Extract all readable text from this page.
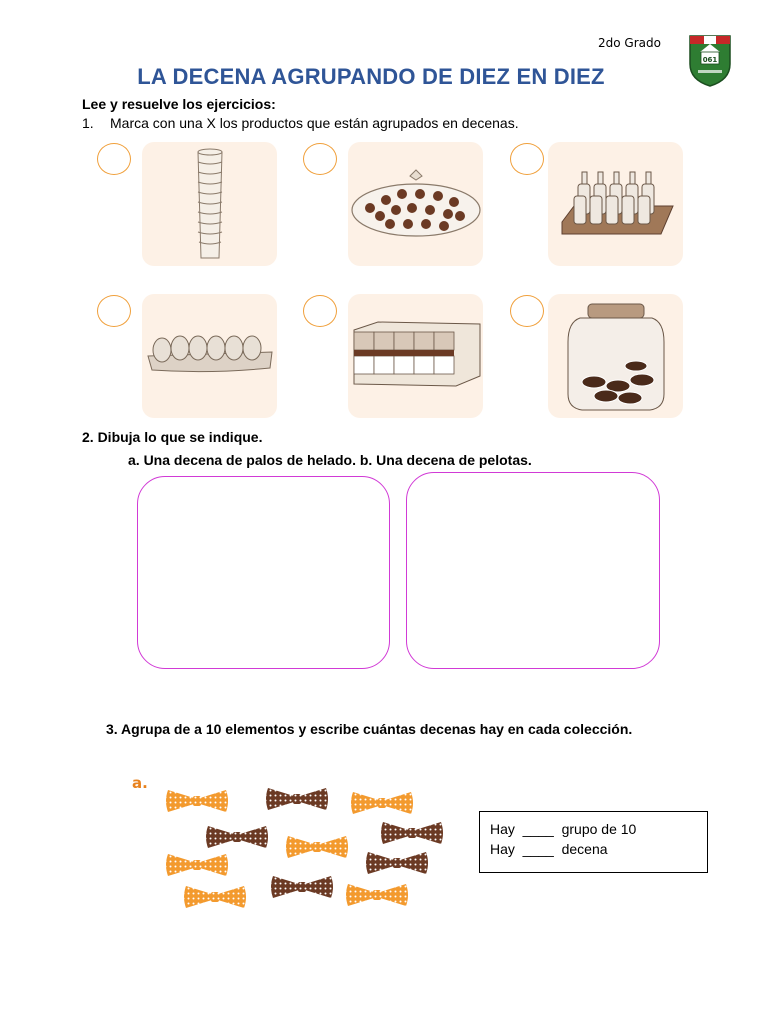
2do Grado
061
LA DECENA AGRUPANDO DE DIEZ EN DIEZ
Lee y resuelve los ejercicios:
1. Marca con una X los productos que están agrupados en decenas.
2. Dibuja lo que se indique.
a. Una decena de palos de helado. b. Una decena de pelotas.
3. Agrupa de a 10 elementos y escribe cuántas decenas hay en cada colección.
a.
Hay  ____  grupo de 10
Hay  ____  decena
